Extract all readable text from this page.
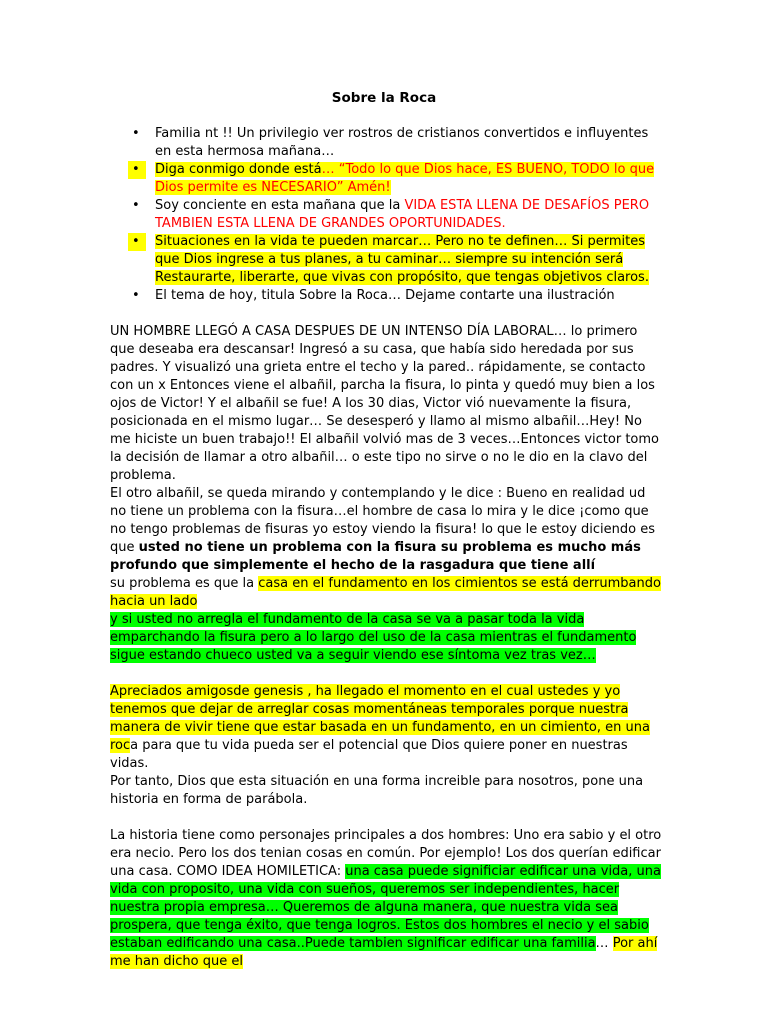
Sobre la Roca
• Familia nt !! Un privilegio ver rostros de cristianos convertidos e influyentes en esta hermosa mañana…
•	Diga conmigo donde está… “Todo lo que Dios hace, ES BUENO, TODO lo que Dios permite es NECESARIO” Amén!
• Soy conciente en esta mañana que la VIDA ESTA LLENA DE DESAFÍOS PERO TAMBIEN ESTA LLENA DE GRANDES OPORTUNIDADES.
•	Situaciones en la vida te pueden marcar… Pero no te definen… Si permites que Dios ingrese a tus planes, a tu caminar… siempre su intención será Restaurarte, liberarte, que vivas con propósito, que tengas objetivos claros.
• El tema de hoy, titula Sobre la Roca… Dejame contarte una ilustración

UN HOMBRE LLEGÓ A CASA DESPUES DE UN INTENSO DÍA LABORAL… lo primero que deseaba era descansar! Ingresó a su casa, que había sido heredada por sus padres. Y visualizó una grieta entre el techo y la pared.. rápidamente, se contacto con un x Entonces viene el albañil, parcha la fisura, lo pinta y quedó muy bien a los ojos de Victor! Y el albañil se fue! A los 30 dias, Victor vió nuevamente la fisura, posicionada en el mismo lugar… Se desesperó y llamo al mismo albañil…Hey! No me hiciste un buen trabajo!! El albañil volvió mas de 3 veces…Entonces victor tomo la decisión de llamar a otro albañil… o este tipo no sirve o no le dio en la clavo del problema.

El otro albañil, se queda mirando y contemplando y le dice : Bueno en realidad ud no tiene un problema con la fisura…el hombre de casa lo mira y le dice ¡como que no tengo problemas de fisuras yo estoy viendo la fisura! lo que le estoy diciendo es que usted no tiene un problema con la fisura su problema es mucho más profundo que simplemente el hecho de la rasgadura que tiene allí

su problema es que la casa en el fundamento en los cimientos se está derrumbando hacia un lado

y si usted no arregla el fundamento de la casa se va a pasar toda la vida emparchando la fisura pero a lo largo del uso de la casa mientras el fundamento sigue estando chueco usted va a seguir viendo ese síntoma vez tras vez…

Apreciados amigosde genesis , ha llegado el momento en el cual ustedes y yo tenemos que dejar de arreglar cosas momentáneas temporales porque nuestra manera de vivir tiene que estar basada en un fundamento, en un cimiento, en una roca para que tu vida pueda ser el potencial que Dios quiere poner en nuestras vidas.

Por tanto, Dios que esta situación en una forma increible para nosotros, pone una historia en forma de parábola.

La historia tiene como personajes principales a dos hombres: Uno era sabio y el otro era necio. Pero los dos tenian cosas en común. Por ejemplo! Los dos querían edificar una casa. COMO IDEA HOMILETICA: una casa puede significiar edificar una vida, una vida con proposito, una vida con sueños, queremos ser independientes, hacer nuestra propia empresa… Queremos de alguna manera, que nuestra vida sea prospera, que tenga éxito, que tenga logros. Estos dos hombres el necio y el sabio estaban edificando una casa..Puede tambien significar edificar una familia… Por ahí me han dicho que el
